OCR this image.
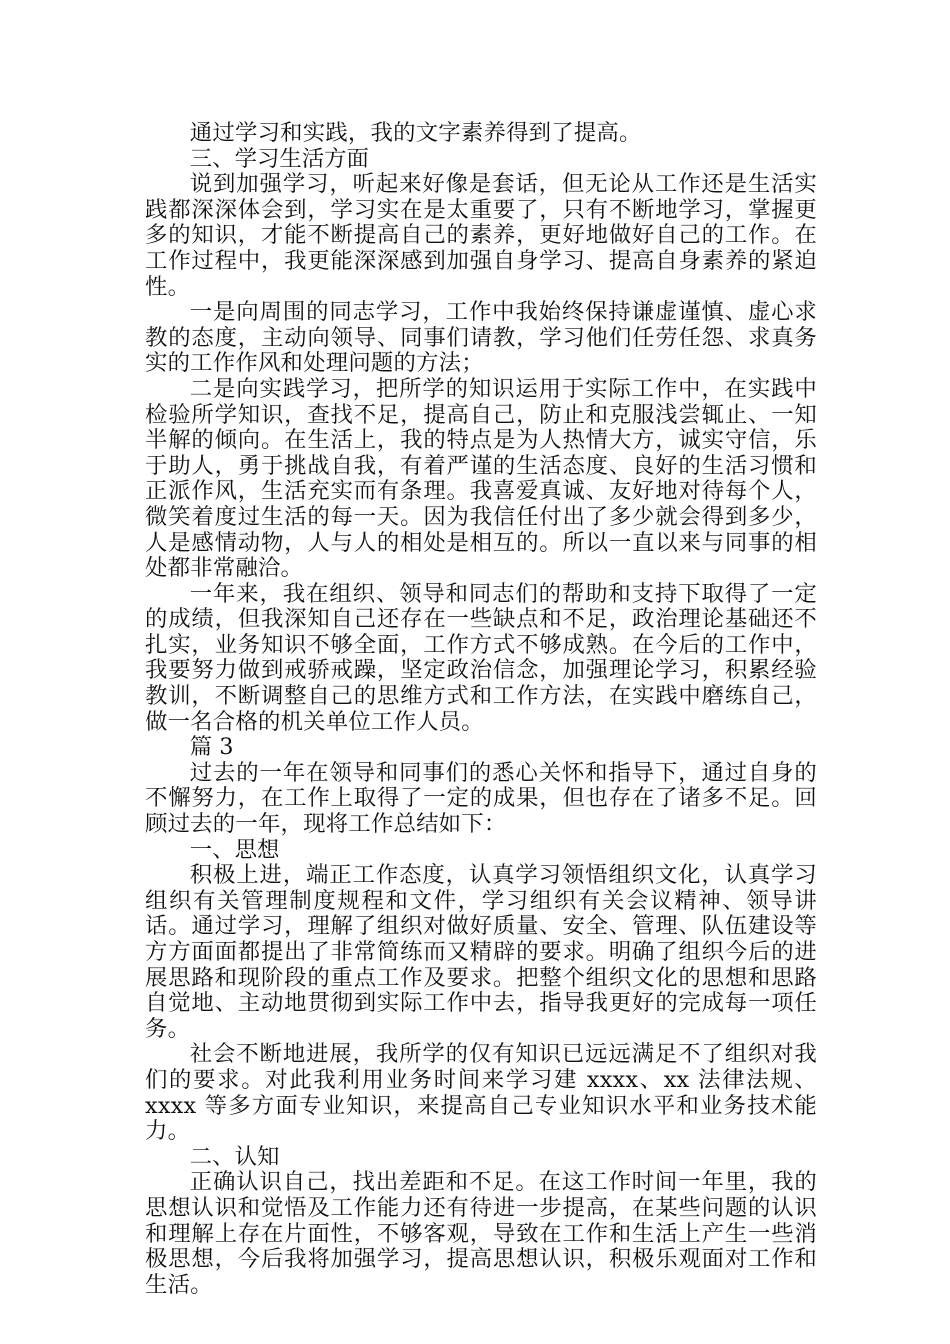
通过学习和实践，我的文字素养得到了提高。

三、学习生活方面

说到加强学习，听起来好像是套话，但无论从工作还是生活实践都深深体会到，学习实在是太重要了，只有不断地学习，掌握更多的知识，才能不断提高自己的素养，更好地做好自己的工作。在工作过程中，我更能深深感到加强自身学习、提高自身素养的紧迫性。

一是向周围的同志学习，工作中我始终保持谦虚谨慎、虚心求教的态度，主动向领导、同事们请教，学习他们任劳任怨、求真务实的工作作风和处理问题的方法；

二是向实践学习，把所学的知识运用于实际工作中，在实践中检验所学知识，查找不足，提高自己，防止和克服浅尝辄止、一知半解的倾向。在生活上，我的特点是为人热情大方，诚实守信，乐于助人，勇于挑战自我，有着严谨的生活态度、良好的生活习惯和正派作风，生活充实而有条理。我喜爱真诚、友好地对待每个人，微笑着度过生活的每一天。因为我信任付出了多少就会得到多少，人是感情动物，人与人的相处是相互的。所以一直以来与同事的相处都非常融洽。

一年来，我在组织、领导和同志们的帮助和支持下取得了一定的成绩，但我深知自己还存在一些缺点和不足，政治理论基础还不扎实，业务知识不够全面，工作方式不够成熟。在今后的工作中，我要努力做到戒骄戒躁，坚定政治信念，加强理论学习，积累经验教训，不断调整自己的思维方式和工作方法，在实践中磨练自己，做一名合格的机关单位工作人员。

篇 3

过去的一年在领导和同事们的悉心关怀和指导下，通过自身的不懈努力，在工作上取得了一定的成果，但也存在了诸多不足。回顾过去的一年，现将工作总结如下：

一、思想

积极上进，端正工作态度，认真学习领悟组织文化，认真学习组织有关管理制度规程和文件，学习组织有关会议精神、领导讲话。通过学习，理解了组织对做好质量、安全、管理、队伍建设等方方面面都提出了非常简练而又精辟的要求。明确了组织今后的进展思路和现阶段的重点工作及要求。把整个组织文化的思想和思路自觉地、主动地贯彻到实际工作中去，指导我更好的完成每一项任务。

社会不断地进展，我所学的仅有知识已远远满足不了组织对我们的要求。对此我利用业务时间来学习建 xxxx、xx 法律法规、xxxx 等多方面专业知识，来提高自己专业知识水平和业务技术能力。

二、认知

正确认识自己，找出差距和不足。在这工作时间一年里，我的思想认识和觉悟及工作能力还有待进一步提高，在某些问题的认识和理解上存在片面性，不够客观，导致在工作和生活上产生一些消极思想，今后我将加强学习，提高思想认识，积极乐观面对工作和生活。
